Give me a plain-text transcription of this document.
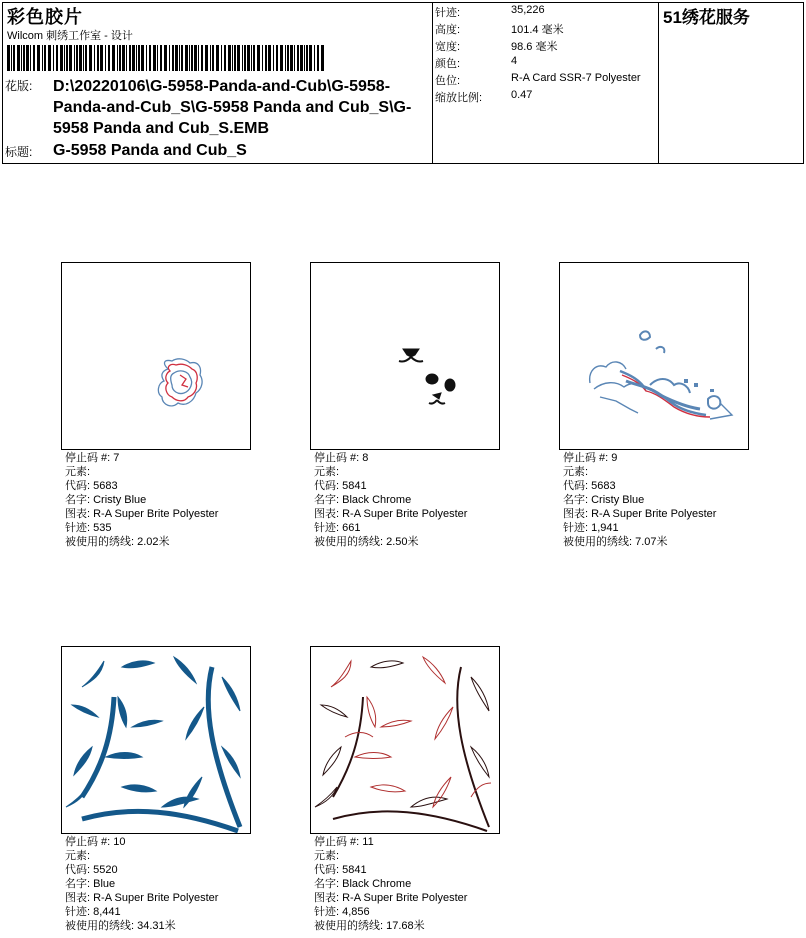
彩色胶片
Wilcom 刺绣工作室 - 设计
花版: D:\20220106\G-5958-Panda-and-Cub\G-5958-Panda-and-Cub_S\G-5958 Panda and Cub_S\G-5958 Panda and Cub_S.EMB
标题: G-5958 Panda and Cub_S
针迹:	35,226
高度:	101.4 毫米
宽度:	98.6 毫米
颜色:	4
色位:	R-A Card SSR-7 Polyester
缩放比例:	0.47
51绣花服务
停止码 #: 7
元素:
代码: 5683
名字: Cristy Blue
图表: R-A Super Brite Polyester
针迹: 535
被使用的绣线: 2.02米
停止码 #: 8
元素:
代码: 5841
名字: Black Chrome
图表: R-A Super Brite Polyester
针迹: 661
被使用的绣线: 2.50米
停止码 #: 9
元素:
代码: 5683
名字: Cristy Blue
图表: R-A Super Brite Polyester
针迹: 1,941
被使用的绣线: 7.07米
停止码 #: 10
元素:
代码: 5520
名字: Blue
图表: R-A Super Brite Polyester
针迹: 8,441
被使用的绣线: 34.31米
停止码 #: 11
元素:
代码: 5841
名字: Black Chrome
图表: R-A Super Brite Polyester
针迹: 4,856
被使用的绣线: 17.68米
